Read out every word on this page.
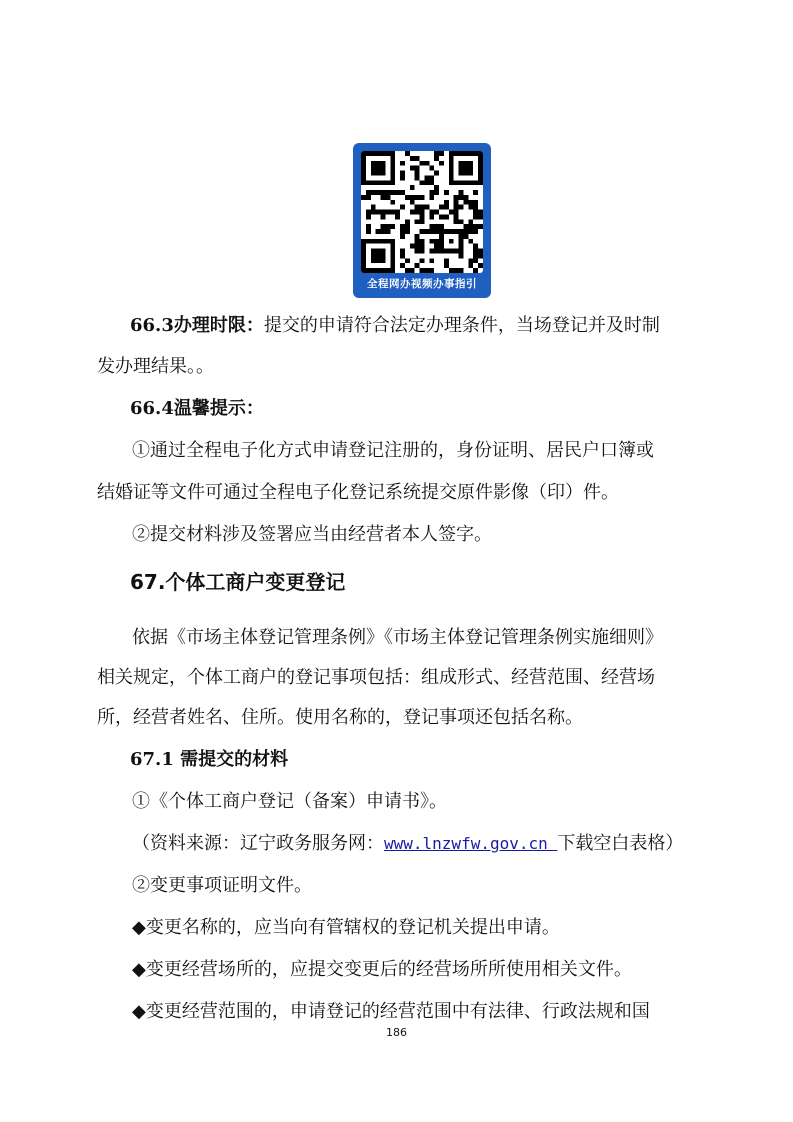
全程网办视频办事指引
66.3办理时限：提交的申请符合法定办理条件，当场登记并及时制
发办理结果。。
66.4温馨提示：
①通过全程电子化方式申请登记注册的，身份证明、居民户口簿或
结婚证等文件可通过全程电子化登记系统提交原件影像（印）件。
②提交材料涉及签署应当由经营者本人签字。
67.个体工商户变更登记
依据《市场主体登记管理条例》《市场主体登记管理条例实施细则》
相关规定，个体工商户的登记事项包括：组成形式、经营范围、经营场
所，经营者姓名、住所。使用名称的，登记事项还包括名称。
67.1 需提交的材料
①《个体工商户登记（备案）申请书》。
（资料来源：辽宁政务服务网：www.lnzwfw.gov.cn 下载空白表格）
②变更事项证明文件。
◆变更名称的，应当向有管辖权的登记机关提出申请。
◆变更经营场所的，应提交变更后的经营场所所使用相关文件。
◆变更经营范围的，申请登记的经营范围中有法律、行政法规和国
186
